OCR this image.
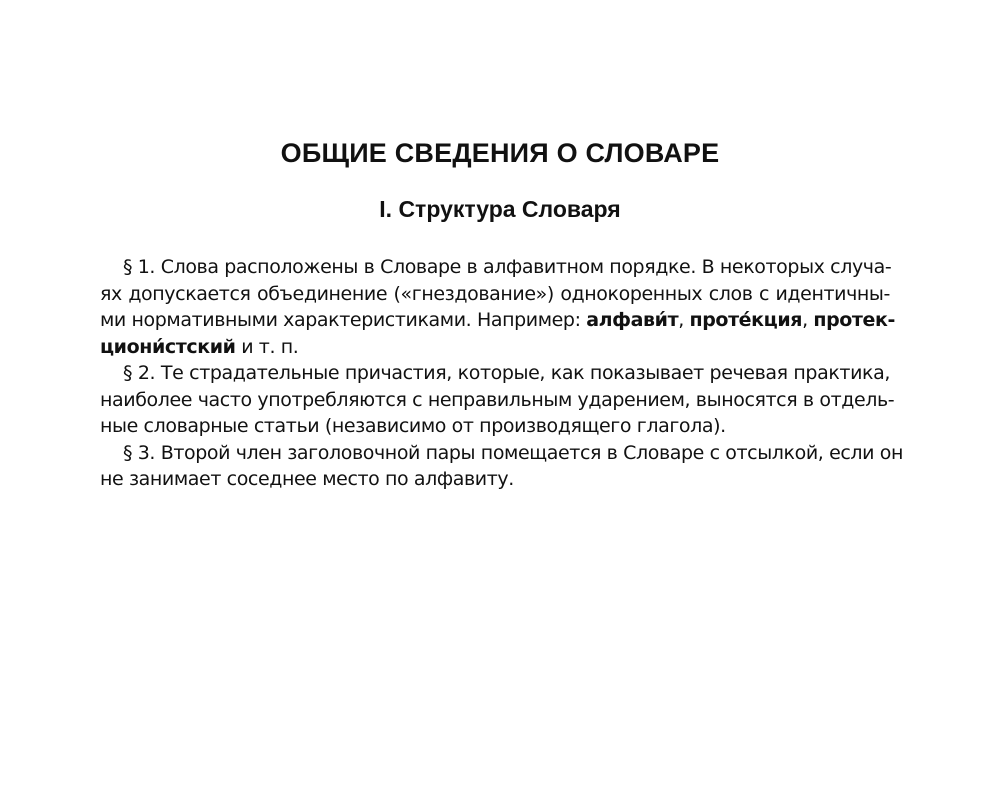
ОБЩИЕ СВЕДЕНИЯ О СЛОВАРЕ
I. Структура Словаря
§ 1. Слова расположены в Словаре в алфавитном порядке. В некоторых случа-
ях допускается объединение («гнездование») однокоренных слов с идентичны-
ми нормативными характеристиками. Например: алфави́т, проте́кция, протек-
циони́стский и т. п.
§ 2. Те страдательные причастия, которые, как показывает речевая практика,
наиболее часто употребляются с неправильным ударением, выносятся в отдель-
ные словарные статьи (независимо от производящего глагола).
§ 3. Второй член заголовочной пары помещается в Словаре с отсылкой, если он
не занимает соседнее место по алфавиту.
